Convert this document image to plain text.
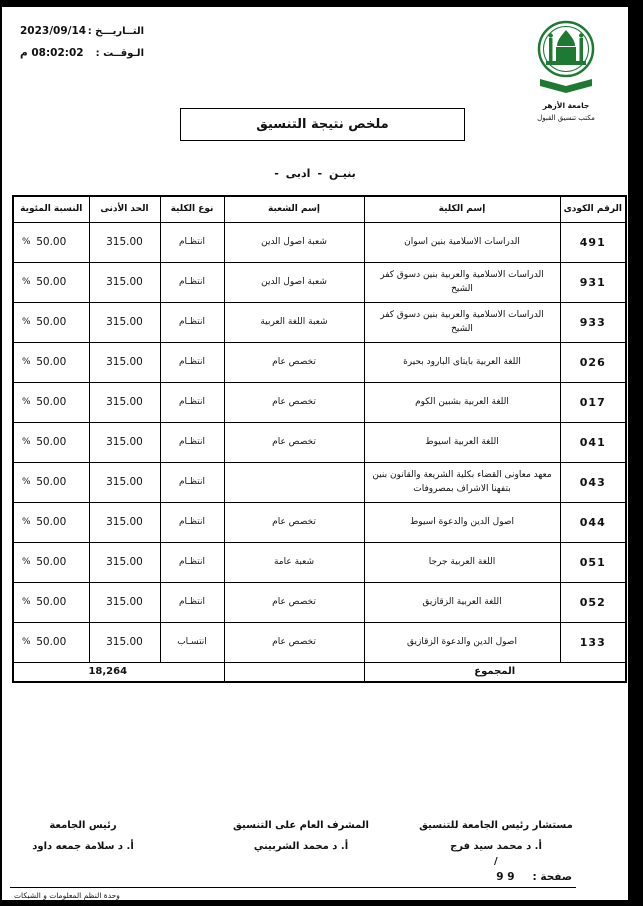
2023/09/14 التــاريـــخ :
08:02:02 م الـوقــت :
جامعة الأزهر
مكتب تنسيق القبول
ملخص نتيجة التنسيق
- ادبى - بنيـن
الرقم الكودى	إسم الكلية	إسم الشعبة	نوع الكلية	الحد الأدنى	النسبة المئوية
491	الدراسات الاسلامية بنين اسوان	شعبة اصول الدين	انتظـام	315.00	% 50.00
931	الدراسات الاسلامية والعربية بنين دسوق كفر الشيخ	شعبة اصول الدين	انتظـام	315.00	% 50.00
933	الدراسات الاسلامية والعربية بنين دسوق كفر الشيخ	شعبة اللغة العربية	انتظـام	315.00	% 50.00
026	اللغة العربية بايتاى البارود بحيرة	تخصص عام	انتظـام	315.00	% 50.00
017	اللغة العربية بشبين الكوم	تخصص عام	انتظـام	315.00	% 50.00
041	اللغة العربية اسيوط	تخصص عام	انتظـام	315.00	% 50.00
043	معهد معاونى القضاء بكلية الشريعة والقانون بنين بتفهنا الاشراف بمصروفات		انتظـام	315.00	% 50.00
044	اصول الدين والدعوة اسيوط	تخصص عام	انتظـام	315.00	% 50.00
051	اللغة العربية جرجا	شعبة عامة	انتظـام	315.00	% 50.00
052	اللغة العربية الزقازيق	تخصص عام	انتظـام	315.00	% 50.00
133	اصول الدين والدعوة الزقازيق	تخصص عام	انتسـاب	315.00	% 50.00
المجموع			18,264		
مستشار رئيس الجامعة للتنسيق
أ. د محمد سيد فرج
المشرف العام على التنسيق
أ. د محمد الشربيني
رئيس الجامعة
أ. د سلامة جمعه داود
/
صفحة :
9 9
وحدة النظم المعلومات و الشبكات
